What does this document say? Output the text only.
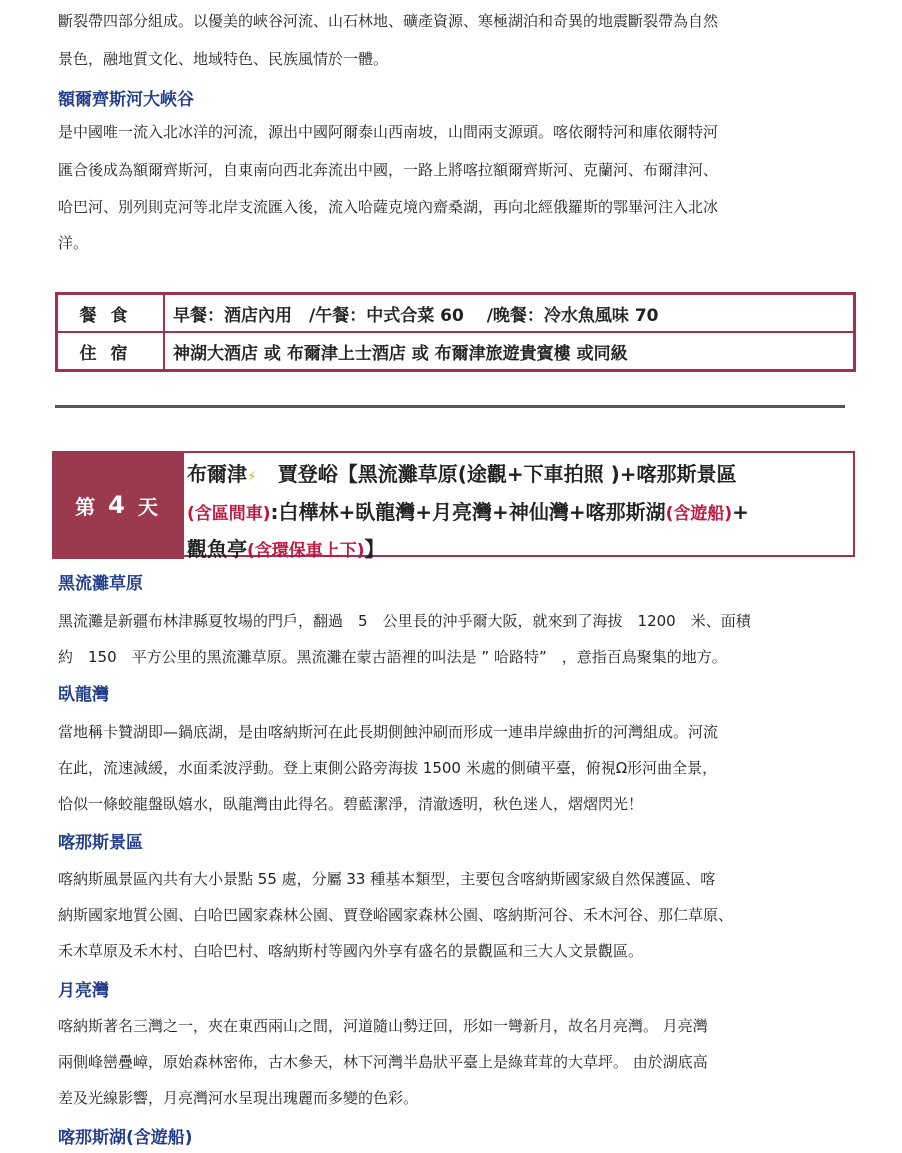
斷裂帶四部分組成。以優美的峽谷河流、山石林地、礦產資源、寒極湖泊和奇異的地震斷裂帶為自然

景色，融地質文化、地域特色、民族風情於一體。

額爾齊斯河大峽谷

是中國唯一流入北冰洋的河流，源出中國阿爾泰山西南坡，山間兩支源頭。喀依爾特河和庫依爾特河

匯合後成為額爾齊斯河，自東南向西北奔流出中國，一路上將喀拉額爾齊斯河、克蘭河、布爾津河、

哈巴河、別列則克河等北岸支流匯入後，流入哈薩克境內齋桑湖，再向北經俄羅斯的鄂畢河注入北冰

洋。

餐食	早餐：酒店內用　/午餐：中式合菜 60　 /晚餐：冷水魚風味 70
住宿	神湖大酒店 或 布爾津上士酒店 或 布爾津旅遊貴賓樓 或同級
第 4 天
布爾津⚡ 賈登峪【黑流灘草原(途觀+下車拍照 )+喀那斯景區
(含區間車):白樺林+臥龍灣+月亮灣+神仙灣+喀那斯湖(含遊船)+
觀魚亭(含環保車上下)】
黑流灘草原

黑流灘是新疆布林津縣夏牧場的門戶，翻過　5　公里長的沖乎爾大阪，就來到了海拔　1200　米、面積

約　150　平方公里的黑流灘草原。黑流灘在蒙古語裡的叫法是 ” 哈路特”　，意指百鳥聚集的地方。

臥龍灣

當地稱卡贊湖即—鍋底湖，是由喀納斯河在此長期側蝕沖刷而形成一連串岸線曲折的河灣組成。河流

在此，流速減緩，水面柔波浮動。登上東側公路旁海拔 1500 米處的側磧平臺，俯視Ω形河曲全景，

恰似一條蛟龍盤臥嬉水，臥龍灣由此得名。碧藍潔淨，清澈透明，秋色迷人，熠熠閃光！

喀那斯景區

喀納斯風景區內共有大小景點 55 處，分屬 33 種基本類型，主要包含喀納斯國家級自然保護區、喀

納斯國家地質公園、白哈巴國家森林公園、賈登峪國家森林公園、喀納斯河谷、禾木河谷、那仁草原、

禾木草原及禾木村、白哈巴村、喀納斯村等國內外享有盛名的景觀區和三大人文景觀區。

月亮灣

喀納斯著名三灣之一，夾在東西兩山之間，河道隨山勢迂回，形如一彎新月，故名月亮灣。 月亮灣

兩側峰巒疊嶂，原始森林密佈，古木參天，林下河灣半島狀平臺上是綠茸茸的大草坪。 由於湖底高

差及光線影響，月亮灣河水呈現出瑰麗而多變的色彩。

喀那斯湖(含遊船)
